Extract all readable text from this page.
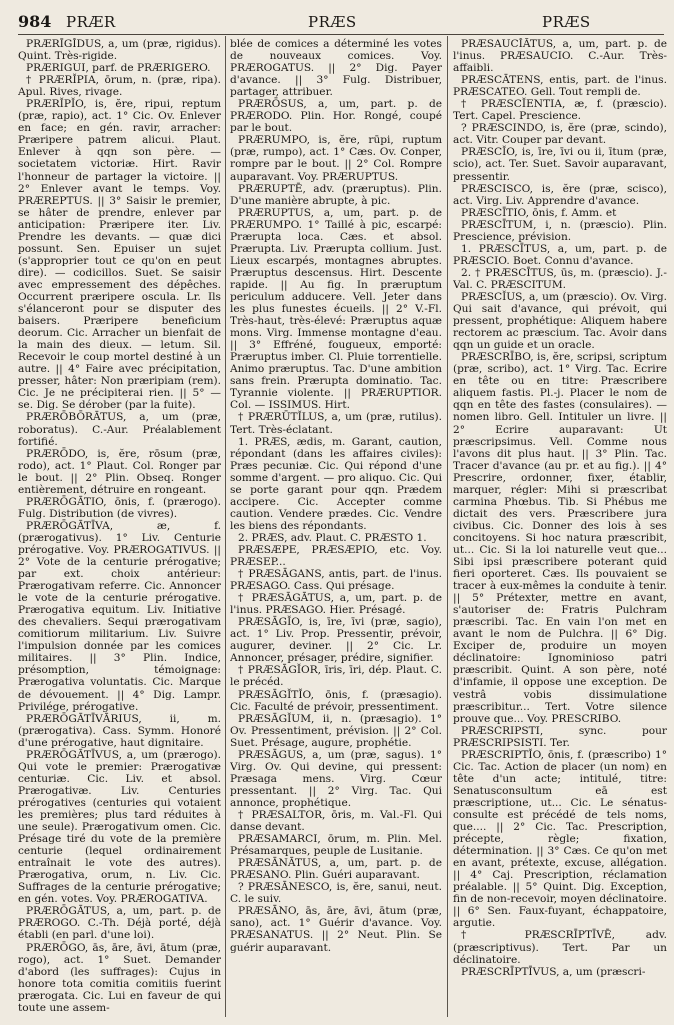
984 PRÆR	PRÆS	PRÆS
PRÆRĪGĬDUS, a, um (præ, rigidus). Quint. Très-rigide.
PRÆRIGUI, parf. de PRÆRIGERO.
† PRÆRĬPIA, ōrum, n. (præ, ripa). Apul. Rives, rivage.
PRÆRĬPĬO, is, ĕre, ripui, reptum (præ, rapio), act. 1° Cic. Ov. Enlever en face; en gén. ravir, arracher: Præripere patrem alicui. Plaut. Enlever à qqn son père. — societatem victoriæ. Hirt. Ravir l'honneur de partager la victoire. || 2° Enlever avant le temps. Voy. PRÆREPTUS. || 3° Saisir le premier, se hâter de prendre, enlever par anticipation: Præripere iter. Liv. Prendre les devants. — quæ dici possunt. Sen. Epuiser un sujet (s'approprier tout ce qu'on en peut dire). — codicillos. Suet. Se saisir avec empressement des dépêches. Occurrent præripere oscula. Lr. Ils s'élanceront pour se disputer des baisers. Præripere beneficium deorum. Cic. Arracher un bienfait de la main des dieux. — letum. Sil. Recevoir le coup mortel destiné à un autre. || 4° Faire avec précipitation, presser, hâter: Non præripiam (rem). Cic. Je ne précipiterai rien. || 5° — se. Dig. Se dérober (par la fuite).
PRÆRŌBŌRĀTUS, a, um (præ, roboratus). C.-Aur. Préalablement fortifié.
PRÆRŌDO, is, ĕre, rōsum (præ, rodo), act. 1° Plaut. Col. Ronger par le bout. || 2° Plin. Obseq. Ronger entièrement, détruire en rongeant.
PRÆRŌGĀTIO, ōnis, f. (prærogo). Fulg. Distribution (de vivres).
PRÆRŌGĀTĪVA, æ, f. (prærogativus). 1° Liv. Centurie prérogative. Voy. PRÆROGATIVUS. || 2° Vote de la centurie prérogative; par ext. choix antérieur: Prærogativam referre. Cic. Annoncer le vote de la centurie prérogative. Prærogativa equitum. Liv. Initiative des chevaliers. Sequi prærogativam comitiorum militarium. Liv. Suivre l'impulsion donnée par les comices militaires. || 3° Plin. Indice, présomption, témoignage: Prærogativa voluntatis. Cic. Marque de dévouement. || 4° Dig. Lampr. Privilége, prérogative.
PRÆRŌGĀTĪVĀRIUS, ii, m. (prærogativa). Cass. Symm. Honoré d'une prérogative, haut dignitaire.
PRÆRŌGĀTĪVUS, a, um (prærogo). Qui vote le premier: Prærogativæ centuriæ. Cic. Liv. et absol. Prærogativæ. Liv. Centuries prérogatives (centuries qui votaient les premières; plus tard réduites à une seule). Prærogativum omen. Cic. Présage tiré du vote de la première centurie (lequel ordinairement entraînait le vote des autres). Prærogativa, orum, n. Liv. Cic. Suffrages de la centurie prérogative; en gén. votes. Voy. PRÆROGATIVA.
PRÆRŌGĀTUS, a, um, part. p. de PRÆROGO. C.-Th. Déjà porté, déjà établi (en parl. d'une loi).
PRÆRŌGO, ās, āre, āvi, ātum (præ, rogo), act. 1° Suet. Demander d'abord (les suffrages): Cujus in honore tota comitia comitiis fuerint prærogata. Cic. Lui en faveur de qui toute une assem-
blée de comices a déterminé les votes de nouveaux comices. Voy. PRÆROGATUS. || 2° Dig. Payer d'avance. || 3° Fulg. Distribuer, partager, attribuer.
PRÆRŌSUS, a, um, part. p. de PRÆRODO. Plin. Hor. Rongé, coupé par le bout.
PRÆRUMPO, is, ĕre, rūpi, ruptum (præ, rumpo), act. 1° Cæs. Ov. Conper, rompre par le bout. || 2° Col. Rompre auparavant. Voy. PRÆRUPTUS.
PRÆRUPTĒ, adv. (præruptus). Plin. D'une manière abrupte, à pic.
PRÆRUPTUS, a, um, part. p. de PRÆRUMPO. 1° Taillé à pic, escarpé: Prærupta loca. Cæs. et absol. Prærupta. Liv. Prærupta collium. Just. Lieux escarpés, montagnes abruptes. Præruptus descensus. Hirt. Descente rapide. || Au fig. In præruptum periculum adducere. Vell. Jeter dans les plus funestes écueils. || 2° V.-Fl. Très-haut, très-élevé: Præruptus aquæ mons. Virg. Immense montagne d'eau. || 3° Effréné, fougueux, emporté: Præruptus imber. Cl. Pluie torrentielle. Animo præruptus. Tac. D'une ambition sans frein. Prærupta dominatio. Tac. Tyrannie violente. || PRÆRUPTIOR. Col. — ISSIMUS. Hirt.
† PRÆRŪTĬLUS, a, um (præ, rutilus). Tert. Très-éclatant.
1. PRÆS, ædis, m. Garant, caution, répondant (dans les affaires civiles): Præs pecuniæ. Cic. Qui répond d'une somme d'argent. — pro aliquo. Cic. Qui se porte garant pour qqn. Prædem accipere. Cic. Accepter comme caution. Vendere prædes. Cic. Vendre les biens des répondants.
2. PRÆS, adv. Plaut. C. PRÆSTO 1.
PRÆSÆPE, PRÆSÆPIO, etc. Voy. PRÆSEP...
† PRÆSĀGANS, antis, part. de l'inus. PRÆSAGO. Cass. Qui présage.
† PRÆSĀGĀTUS, a, um, part. p. de l'inus. PRÆSAGO. Hier. Présagé.
PRÆSĀGĬO, is, īre, īvi (præ, sagio), act. 1° Liv. Prop. Pressentir, prévoir, augurer, deviner. || 2° Cic. Lr. Annoncer, présager, prédire, signifier.
† PRÆSĀGĬOR, īris, īri, dép. Plaut. C. le précéd.
PRÆSĀGĬTĬO, ōnis, f. (præsagio). Cic. Faculté de prévoir, pressentiment.
PRÆSĀGĬUM, ii, n. (præsagio). 1° Ov. Pressentiment, prévision. || 2° Col. Suet. Présage, augure, prophétie.
PRÆSĀGUS, a, um (præ, sagus). 1° Virg. Ov. Qui devine, qui pressent: Præsaga mens. Virg. Cœur pressentant. || 2° Virg. Tac. Qui annonce, prophétique.
† PRÆSALTOR, ōris, m. Val.-Fl. Qui danse devant.
PRÆSAMARCI, ōrum, m. Plin. Mel. Présamarques, peuple de Lusitanie.
PRÆSĀNĀTUS, a, um, part. p. de PRÆSANO. Plin. Guéri auparavant.
? PRÆSĀNESCO, is, ĕre, sanui, neut. C. le suiv.
PRÆSĀNO, ās, āre, āvi, ātum (præ, sano), act. 1° Guérir d'avance. Voy. PRÆSANATUS. || 2° Neut. Plin. Se guérir auparavant.
PRÆSAUCĬĀTUS, a, um, part. p. de l'inus. PRÆSAUCIO. C.-Aur. Très-affaibli.
PRÆSCĀTENS, entis, part. de l'inus. PRÆSCATEO. Gell. Tout rempli de.
† PRÆSCĬENTIA, æ, f. (præscio). Tert. Capel. Prescience.
? PRÆSCINDO, is, ĕre (præ, scindo), act. Vitr. Couper par devant.
PRÆSCĬO, is, īre, īvi ou ii, ītum (præ, scio), act. Ter. Suet. Savoir auparavant, pressentir.
PRÆSCISCO, is, ĕre (præ, scisco), act. Virg. Liv. Apprendre d'avance.
PRÆSCĪTIO, ōnis, f. Amm. et
PRÆSCĪTUM, i, n. (præscio). Plin. Prescience, prévision.
1. PRÆSCĪTUS, a, um, part. p. de PRÆSCIO. Boet. Connu d'avance.
2. † PRÆSCĪTUS, ūs, m. (præscio). J.-Val. C. PRÆSCITUM.
PRÆSCĬUS, a, um (præscio). Ov. Virg. Qui sait d'avance, qui prévoit, qui pressent, prophétique: Aliquem habere rectorem ac præscium. Tac. Avoir dans qqn un guide et un oracle.
PRÆSCRĪBO, is, ĕre, scripsi, scriptum (præ, scribo), act. 1° Virg. Tac. Ecrire en tête ou en titre: Præscribere aliquem fastis. Pl.-j. Placer le nom de qqn en tête des fastes (consulaires). — nomen libro. Gell. Intituler un livre. || 2° Ecrire auparavant: Ut præscripsimus. Vell. Comme nous l'avons dit plus haut. || 3° Plin. Tac. Tracer d'avance (au pr. et au fig.). || 4° Prescrire, ordonner, fixer, établir, marquer, régler: Mihi si præscribat carmina Phœbus. Tib. Si Phébus me dictait des vers. Præscribere jura civibus. Cic. Donner des lois à ses concitoyens. Si hoc natura præscribit, ut... Cic. Si la loi naturelle veut que... Sibi ipsi præscribere poterant quid fieri oporteret. Cæs. Ils pouvaient se tracer à eux-mêmes la conduite à tenir. || 5° Prétexter, mettre en avant, s'autoriser de: Fratris Pulchram præscribi. Tac. En vain l'on met en avant le nom de Pulchra. || 6° Dig. Exciper de, produire un moyen déclinatoire: Ignominioso patri præscribit. Quint. A son père, noté d'infamie, il oppose une exception. De vestrâ vobis dissimulatione præscribitur... Tert. Votre silence prouve que... Voy. PRESCRIBO.
PRÆSCRIPSTI, sync. pour PRÆSCRIPSISTI. Ter.
PRÆSCRIPTĬO, ōnis, f. (præscribo) 1° Cic. Tac. Action de placer (un nom) en tête d'un acte; intitulé, titre: Senatusconsultum eā est præscriptione, ut... Cic. Le sénatus-consulte est précédé de tels noms, que.... || 2° Cic. Tac. Prescription, précepte, règle; fixation, détermination. || 3° Cæs. Ce qu'on met en avant, prétexte, excuse, allégation. || 4° Caj. Prescription, réclamation préalable. || 5° Quint. Dig. Exception, fin de non-recevoir, moyen déclinatoire. || 6° Sen. Faux-fuyant, échappatoire, argutie.
† PRÆSCRĪPTĪVĒ, adv. (præscriptivus). Tert. Par un déclinatoire.
PRÆSCRĪPTĪVUS, a, um (præscri-
